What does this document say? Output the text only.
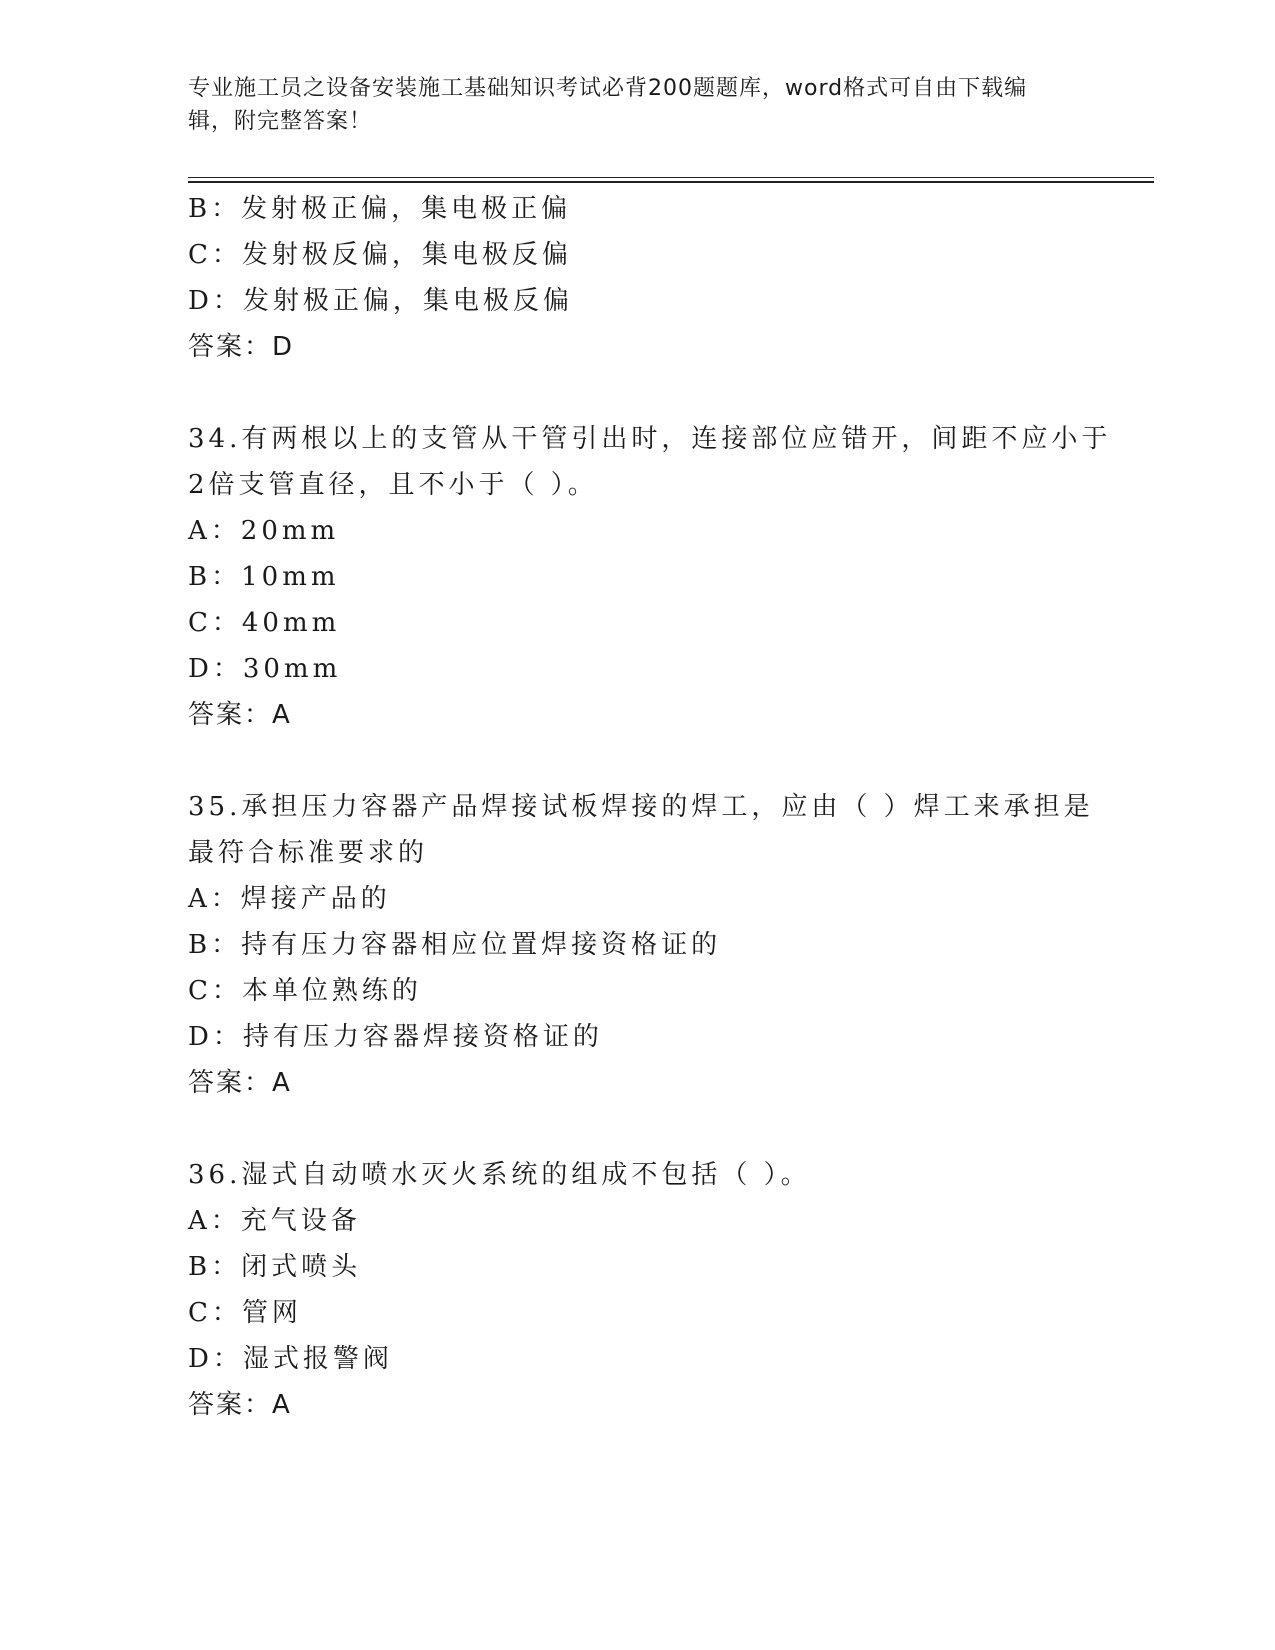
专业施工员之设备安装施工基础知识考试必背200题题库，word格式可自由下载编辑，附完整答案！
B：发射极正偏，集电极正偏
C：发射极反偏，集电极反偏
D：发射极正偏，集电极反偏
答案：D
34.有两根以上的支管从干管引出时，连接部位应错开，间距不应小于
2倍支管直径，且不小于（ ）。
A：20mm
B：10mm
C：40mm
D：30mm
答案：A
35.承担压力容器产品焊接试板焊接的焊工，应由（ ）焊工来承担是
最符合标准要求的
A：焊接产品的
B：持有压力容器相应位置焊接资格证的
C：本单位熟练的
D：持有压力容器焊接资格证的
答案：A
36.湿式自动喷水灭火系统的组成不包括（ ）。
A：充气设备
B：闭式喷头
C：管网
D：湿式报警阀
答案：A
